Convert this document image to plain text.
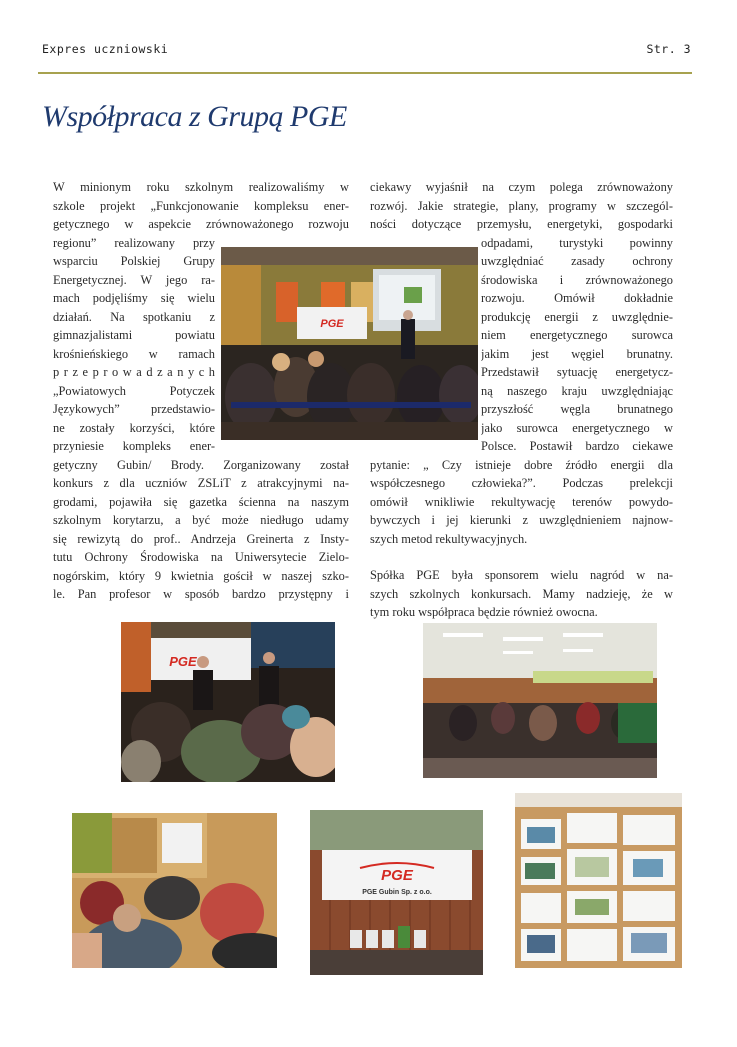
Expres uczniowski	Str. 3
Współpraca z Grupą PGE
W minionym roku szkolnym realizowaliśmy w
szkole projekt „Funkcjonowanie kompleksu ener-
getycznego w aspekcie zrównoważonego rozwoju
regionu” realizowany przy
wsparciu Polskiej Grupy
Energetycznej. W jego ra-
mach podjęliśmy się wielu
działań. Na spotkaniu z
gimnazjalistami powiatu
krośnieńskiego w ramach
p r z e p r o w a d z a n y c h
„Powiatowych Potyczek
Językowych” przedstawio-
ne zostały korzyści, które
przyniesie kompleks ener-
getyczny Gubin/ Brody. Zorganizowany został
konkurs z dla uczniów ZSLiT z atrakcyjnymi na-
grodami, pojawiła się gazetka ścienna na naszym
szkolnym korytarzu, a być może niedługo udamy
się rewizytą do prof.. Andrzeja Greinerta z Insty-
tutu Ochrony Środowiska na Uniwersytecie Zielo-
nogórskim, który 9 kwietnia gościł w naszej szko-
le. Pan profesor w sposób bardzo przystępny i
ciekawy wyjaśnił na czym polega zrównoważony
rozwój. Jakie strategie, plany, programy w szczegól-
ności dotyczące przemysłu, energetyki, gospodarki
odpadami, turystyki powinny
uwzględniać zasady ochrony
środowiska i zrównoważonego
rozwoju. Omówił dokładnie
produkcję energii z uwzględnie-
niem energetycznego surowca
jakim jest węgiel brunatny.
Przedstawił sytuację energetycz-
ną naszego kraju uwzględniając
przyszłość węgla brunatnego
jako surowca energetycznego w
Polsce. Postawił bardzo ciekawe
pytanie: „ Czy istnieje dobre źródło energii dla
współczesnego człowieka?”. Podczas prelekcji
omówił wnikliwie rekultywację terenów powydo-
bywczych i jej kierunki z uwzględnieniem najnow-
szych metod rekultywacyjnych.
Spółka PGE była sponsorem wielu nagród w na-
szych szkolnych konkursach. Mamy nadzieję, że w
tym roku współpraca będzie również owocna.
PGE
PGE
PGE
PGE Gubin Sp. z o.o.
